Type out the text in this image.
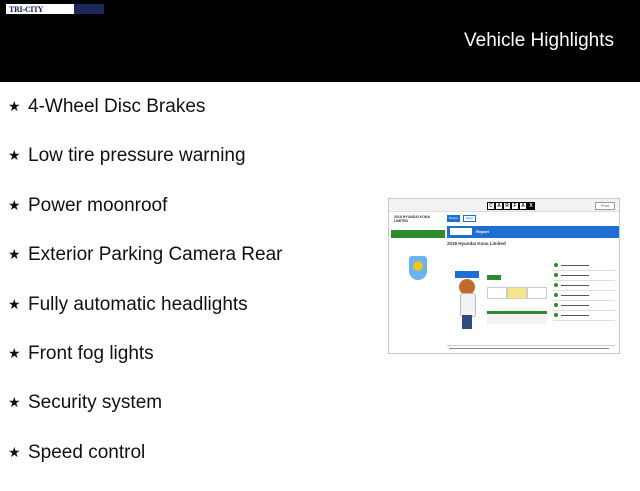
TRI-CITY
Vehicle Highlights
★ 4-Wheel Disc Brakes
★ Low tire pressure warning
★ Power moonroof
★ Exterior Parking Camera Rear
★ Fully automatic headlights
★ Front fog lights
★ Security system
★ Speed control
C A R F A X	Print
2018 HYUNDAI KONA LIMITED

Report	Value
Report
2018 Hyundai Kona Limited
